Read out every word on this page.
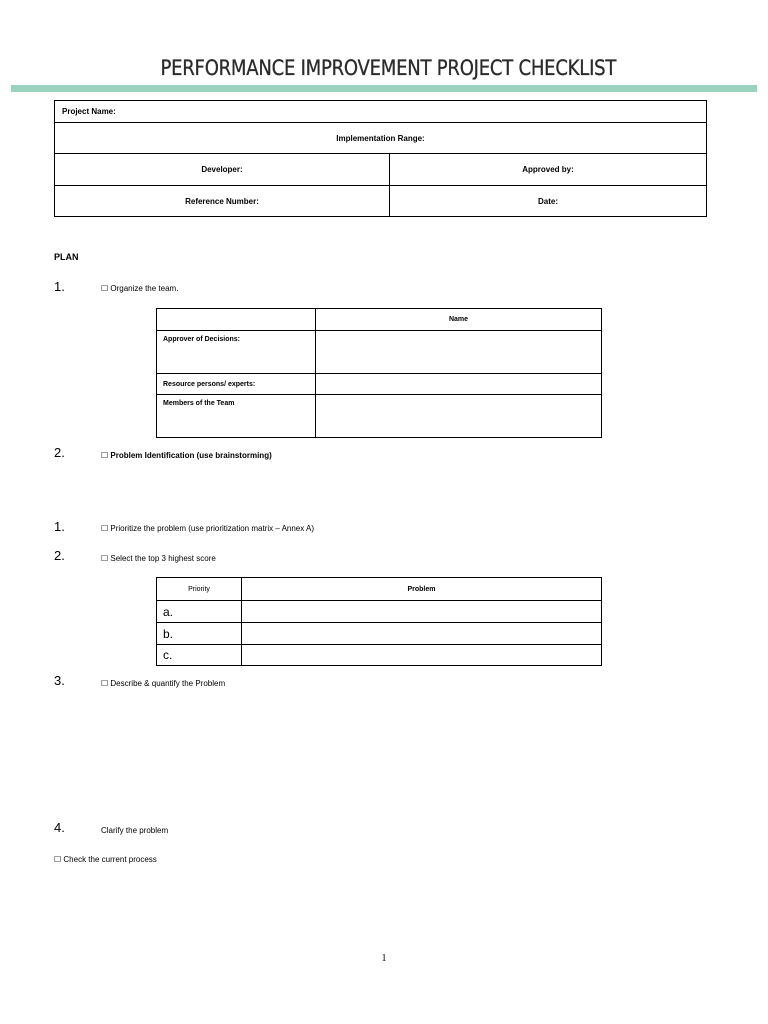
PERFORMANCE IMPROVEMENT PROJECT CHECKLIST
Project Name:	
Implementation Range:	
Developer:	Approved by:
Reference Number:	Date:
PLAN
1.	☐ Organize the team.
	Name
Approver of Decisions:	
Resource persons/ experts:	
Members of the Team	
2.	☐ Problem Identification (use brainstorming)
1.	☐ Prioritize the problem (use prioritization matrix – Annex A)
2.	☐ Select the top 3 highest score
Priority	Problem
a.	
b.	
c.	
3.	☐ Describe & quantify the Problem
4.	Clarify the problem
☐ Check the current process
1
